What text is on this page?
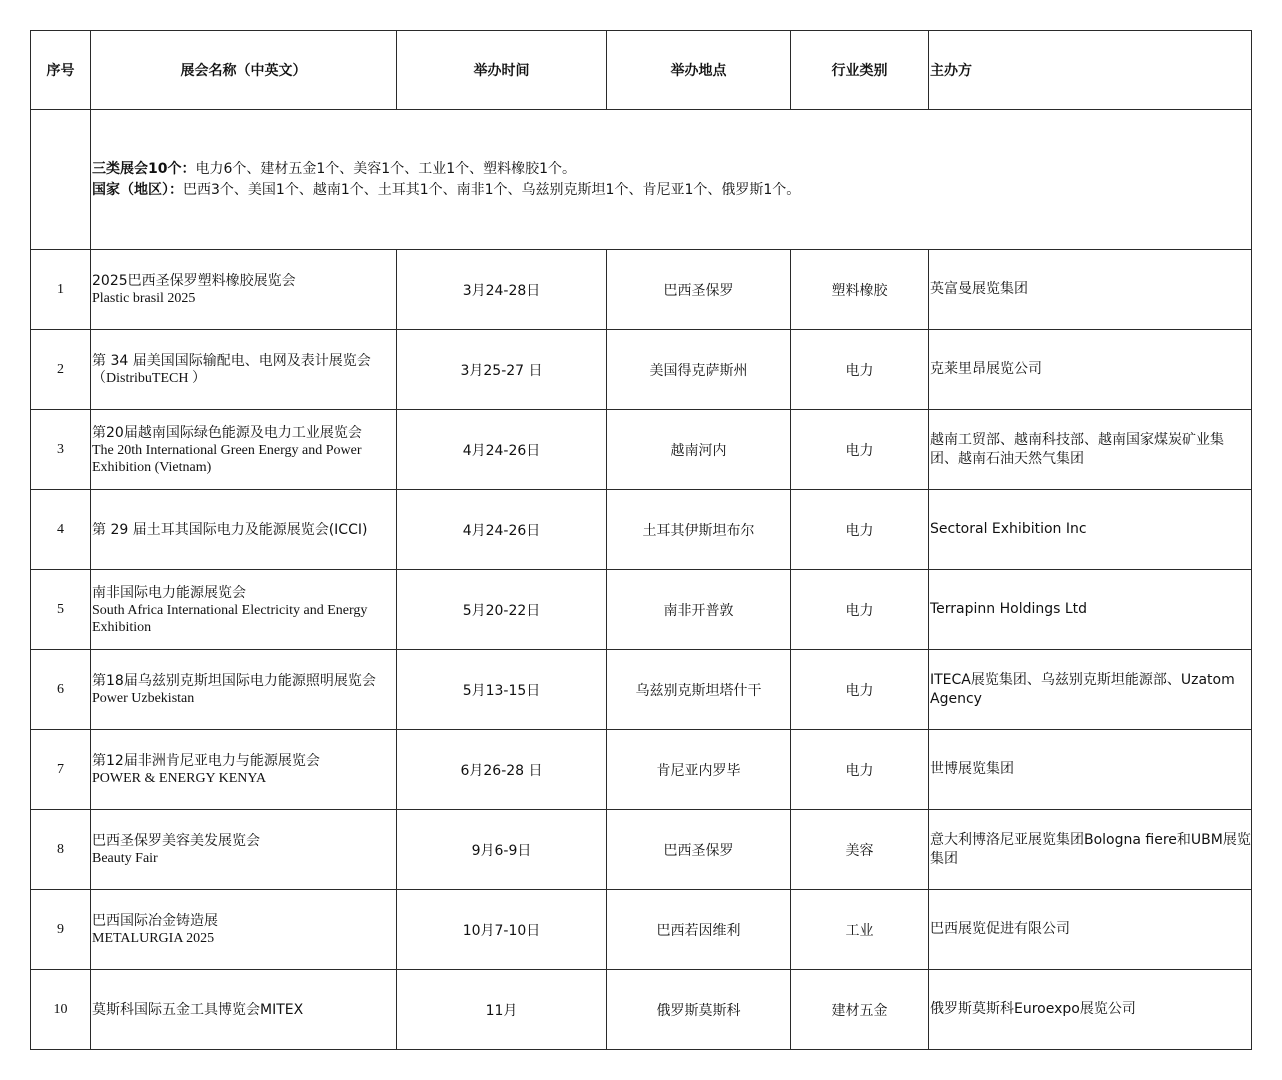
序号	展会名称（中英文）	举办时间	举办地点	行业类别	主办方

	三类展会10个：电力6个、建材五金1个、美容1个、工业1个、塑料橡胶1个。
国家（地区）：巴西3个、美国1个、越南1个、土耳其1个、南非1个、乌兹别克斯坦1个、肯尼亚1个、俄罗斯1个。				

1	2025巴西圣保罗塑料橡胶展览会
Plastic brasil 2025	3月24-28日	巴西圣保罗	塑料橡胶	英富曼展览集团
2	第 34 届美国国际输配电、电网及表计展览会
（DistribuTECH ）	3月25-27 日	美国得克萨斯州	电力	克莱里昂展览公司
3	第20届越南国际绿色能源及电力工业展览会
The 20th International Green Energy and Power Exhibition (Vietnam)	4月24-26日	越南河内	电力	越南工贸部、越南科技部、越南国家煤炭矿业集团、越南石油天然气集团
4	第 29 届土耳其国际电力及能源展览会(ICCI)	4月24-26日	土耳其伊斯坦布尔	电力	Sectoral Exhibition Inc
5	南非国际电力能源展览会
South Africa International Electricity and Energy Exhibition	5月20-22日	南非开普敦	电力	Terrapinn Holdings Ltd
6	第18届乌兹别克斯坦国际电力能源照明展览会
Power Uzbekistan	5月13-15日	乌兹别克斯坦塔什干	电力	ITECA展览集团、乌兹别克斯坦能源部、Uzatom Agency
7	第12届非洲肯尼亚电力与能源展览会
POWER & ENERGY KENYA	6月26-28 日	肯尼亚内罗毕	电力	世博展览集团
8	巴西圣保罗美容美发展览会
Beauty Fair	9月6-9日	巴西圣保罗	美容	意大利博洛尼亚展览集团Bologna fiere和UBM展览集团
9	巴西国际冶金铸造展
METALURGIA 2025	10月7-10日	巴西若因维利	工业	巴西展览促进有限公司
10	莫斯科国际五金工具博览会MITEX	11月	俄罗斯莫斯科	建材五金	俄罗斯莫斯科Euroexpo展览公司
